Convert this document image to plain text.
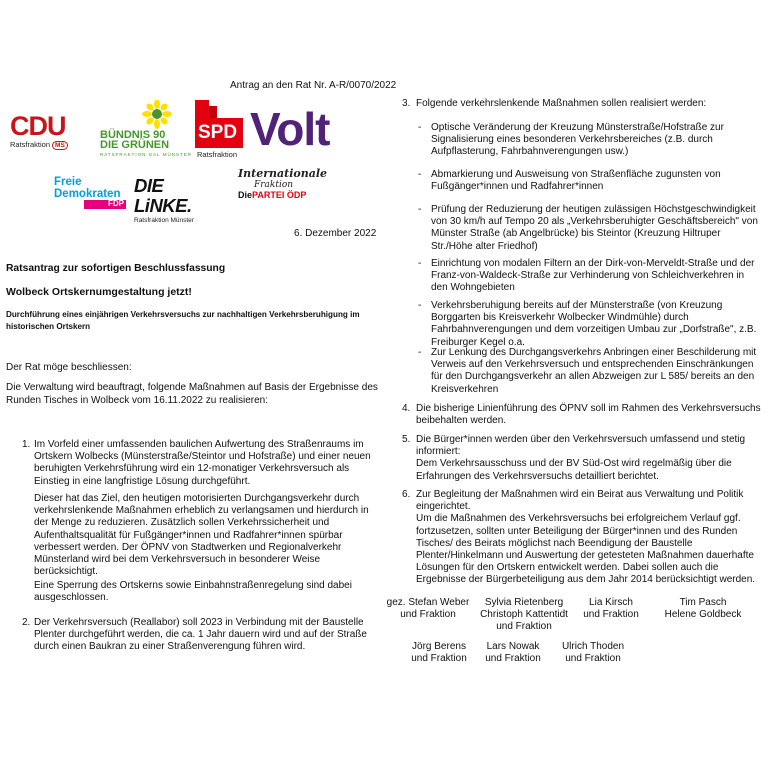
Antrag an den Rat Nr. A-R/0070/2022
CDU
Ratsfraktion MS
BÜNDNIS 90
DIE GRÜNEN
RATSFRAKTION GAL MÜNSTER
SPD
Ratsfraktion Volt
Freie
Demokraten
FDP
DIE LiNKE.
Ratsfraktion Münster
Internationale
Fraktion
DiePARTEI ÖDP
6. Dezember 2022
Ratsantrag zur sofortigen Beschlussfassung
Wolbeck Ortskernumgestaltung jetzt!
Durchführung eines einjährigen Verkehrsversuchs zur nachhaltigen Verkehrsberuhigung im historischen Ortskern
Der Rat möge beschliessen:
Die Verwaltung wird beauftragt, folgende Maßnahmen auf Basis der Ergebnisse des Runden Tisches in Wolbeck vom 16.11.2022 zu realisieren:
1. Im Vorfeld einer umfassenden baulichen Aufwertung des Straßenraums im Ortskern Wolbecks (Münsterstraße/Steintor und Hofstraße) und einer neuen beruhigten Verkehrsführung wird ein 12-monatiger Verkehrsversuch als Einstieg in eine langfristige Lösung durchgeführt.
Dieser hat das Ziel, den heutigen motorisierten Durchgangsverkehr durch verkehrslenkende Maßnahmen erheblich zu verlangsamen und hierdurch in der Menge zu reduzieren. Zusätzlich sollen Verkehrssicherheit und Aufenthaltsqualität für Fußgänger*innen und Radfahrer*innen spürbar verbessert werden. Der ÖPNV von Stadtwerken und Regionalverkehr Münsterland wird bei dem Verkehrsversuch in besonderer Weise berücksichtigt.
Eine Sperrung des Ortskerns sowie Einbahnstraßenregelung sind dabei ausgeschlossen.
2. Der Verkehrsversuch (Reallabor) soll 2023 in Verbindung mit der Baustelle Plenter durchgeführt werden, die ca. 1 Jahr dauern wird und auf der Straße durch einen Baukran zu einer Straßenverengung führen wird.
3. Folgende verkehrslenkende Maßnahmen sollen realisiert werden:
- Optische Veränderung der Kreuzung Münsterstraße/Hofstraße zur Signalisierung eines besonderen Verkehrsbereiches (z.B. durch Aufpflasterung, Fahrbahnverengungen usw.)
- Abmarkierung und Ausweisung von Straßenfläche zugunsten von Fußgänger*innen und Radfahrer*innen
- Prüfung der Reduzierung der heutigen zulässigen Höchstgeschwindigkeit von 30 km/h auf Tempo 20 als „Verkehrsberuhigter Geschäftsbereich" von Münster Straße (ab Angelbrücke) bis Steintor (Kreuzung Hiltruper Str./Höhe alter Friedhof)
- Einrichtung von modalen Filtern an der Dirk-von-Merveldt-Straße und der Franz-von-Waldeck-Straße zur Verhinderung von Schleichverkehren in den Wohngebieten
- Verkehrsberuhigung bereits auf der Münsterstraße (von Kreuzung Borggarten bis Kreisverkehr Wolbecker Windmühle) durch Fahrbahnverengungen und dem vorzeitigen Umbau zur „Dorfstraße", z.B. Freiburger Kegel o.a.
- Zur Lenkung des Durchgangsverkehrs Anbringen einer Beschilderung mit Verweis auf den Verkehrsversuch und entsprechenden Einschränkungen für den Durchgangsverkehr an allen Abzweigen zur L 585/ bereits an den Kreisverkehren
4. Die bisherige Linienführung des ÖPNV soll im Rahmen des Verkehrsversuchs beibehalten werden.
5. Die Bürger*innen werden über den Verkehrsversuch umfassend und stetig informiert:
Dem Verkehrsausschuss und der BV Süd-Ost wird regelmäßig über die Erfahrungen des Verkehrsversuchs detailliert berichtet.
6. Zur Begleitung der Maßnahmen wird ein Beirat aus Verwaltung und Politik eingerichtet.
Um die Maßnahmen des Verkehrsversuchs bei erfolgreichem Verlauf ggf. fortzusetzen, sollten unter Beteiligung der Bürger*innen und des Runden Tisches/ des Beirats möglichst nach Beendigung der Baustelle Plenter/Hinkelmann und Auswertung der getesteten Maßnahmen dauerhafte Lösungen für den Ortskern entwickelt werden. Dabei sollen auch die Ergebnisse der Bürgerbeteiligung aus dem Jahr 2014 berücksichtigt werden.
gez. Stefan Weber
und Fraktion
Sylvia Rietenberg
Christoph Kattentidt
und Fraktion
Lia Kirsch
und Fraktion
Tim Pasch
Helene Goldbeck
Jörg Berens
und Fraktion
Lars Nowak
und Fraktion
Ulrich Thoden
und Fraktion
